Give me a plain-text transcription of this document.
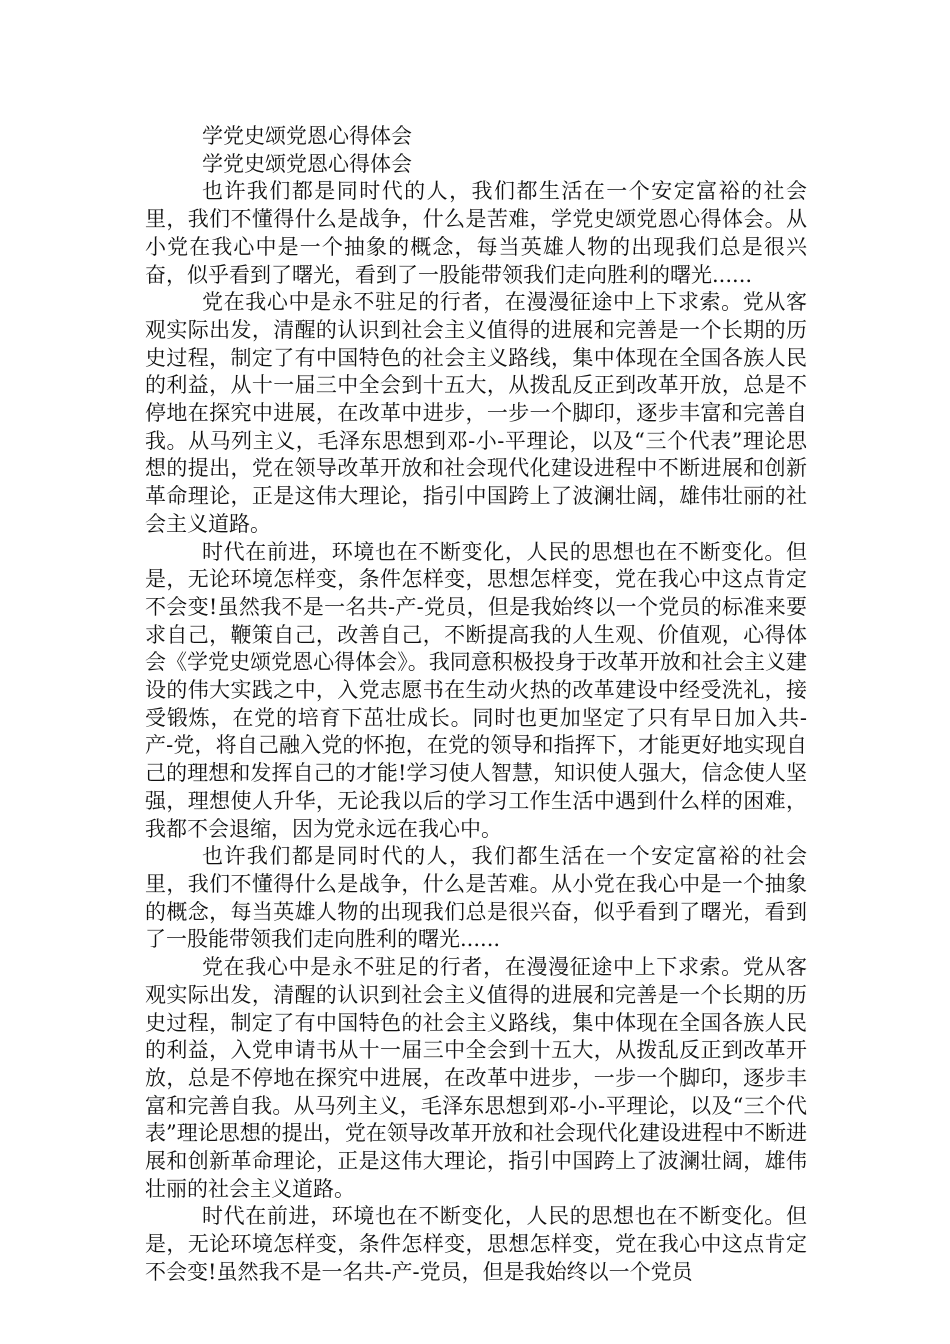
学党史颂党恩心得体会
学党史颂党恩心得体会

也许我们都是同时代的人，我们都生活在一个安定富裕的社会里，我们不懂得什么是战争，什么是苦难，学党史颂党恩心得体会。从小党在我心中是一个抽象的概念，每当英雄人物的出现我们总是很兴奋，似乎看到了曙光，看到了一股能带领我们走向胜利的曙光......

党在我心中是永不驻足的行者，在漫漫征途中上下求索。党从客观实际出发，清醒的认识到社会主义值得的进展和完善是一个长期的历史过程，制定了有中国特色的社会主义路线，集中体现在全国各族人民的利益，从十一届三中全会到十五大，从拨乱反正到改革开放，总是不停地在探究中进展，在改革中进步，一步一个脚印，逐步丰富和完善自我。从马列主义，毛泽东思想到邓-小-平理论，以及“三个代表”理论思想的提出，党在领导改革开放和社会现代化建设进程中不断进展和创新革命理论，正是这伟大理论，指引中国跨上了波澜壮阔，雄伟壮丽的社会主义道路。

时代在前进，环境也在不断变化，人民的思想也在不断变化。但是，无论环境怎样变，条件怎样变，思想怎样变，党在我心中这点肯定不会变!虽然我不是一名共-产-党员，但是我始终以一个党员的标准来要求自己，鞭策自己，改善自己，不断提高我的人生观、价值观，心得体会《学党史颂党恩心得体会》。我同意积极投身于改革开放和社会主义建设的伟大实践之中，入党志愿书在生动火热的改革建设中经受洗礼，接受锻炼，在党的培育下茁壮成长。同时也更加坚定了只有早日加入共-产-党，将自己融入党的怀抱，在党的领导和指挥下，才能更好地实现自己的理想和发挥自己的才能!学习使人智慧，知识使人强大，信念使人坚强，理想使人升华，无论我以后的学习工作生活中遇到什么样的困难，我都不会退缩，因为党永远在我心中。

也许我们都是同时代的人，我们都生活在一个安定富裕的社会里，我们不懂得什么是战争，什么是苦难。从小党在我心中是一个抽象的概念，每当英雄人物的出现我们总是很兴奋，似乎看到了曙光，看到了一股能带领我们走向胜利的曙光......

党在我心中是永不驻足的行者，在漫漫征途中上下求索。党从客观实际出发，清醒的认识到社会主义值得的进展和完善是一个长期的历史过程，制定了有中国特色的社会主义路线，集中体现在全国各族人民的利益，入党申请书从十一届三中全会到十五大，从拨乱反正到改革开放，总是不停地在探究中进展，在改革中进步，一步一个脚印，逐步丰富和完善自我。从马列主义，毛泽东思想到邓-小-平理论，以及“三个代表”理论思想的提出，党在领导改革开放和社会现代化建设进程中不断进展和创新革命理论，正是这伟大理论，指引中国跨上了波澜壮阔，雄伟壮丽的社会主义道路。

时代在前进，环境也在不断变化，人民的思想也在不断变化。但是，无论环境怎样变，条件怎样变，思想怎样变，党在我心中这点肯定不会变!虽然我不是一名共-产-党员，但是我始终以一个党员
